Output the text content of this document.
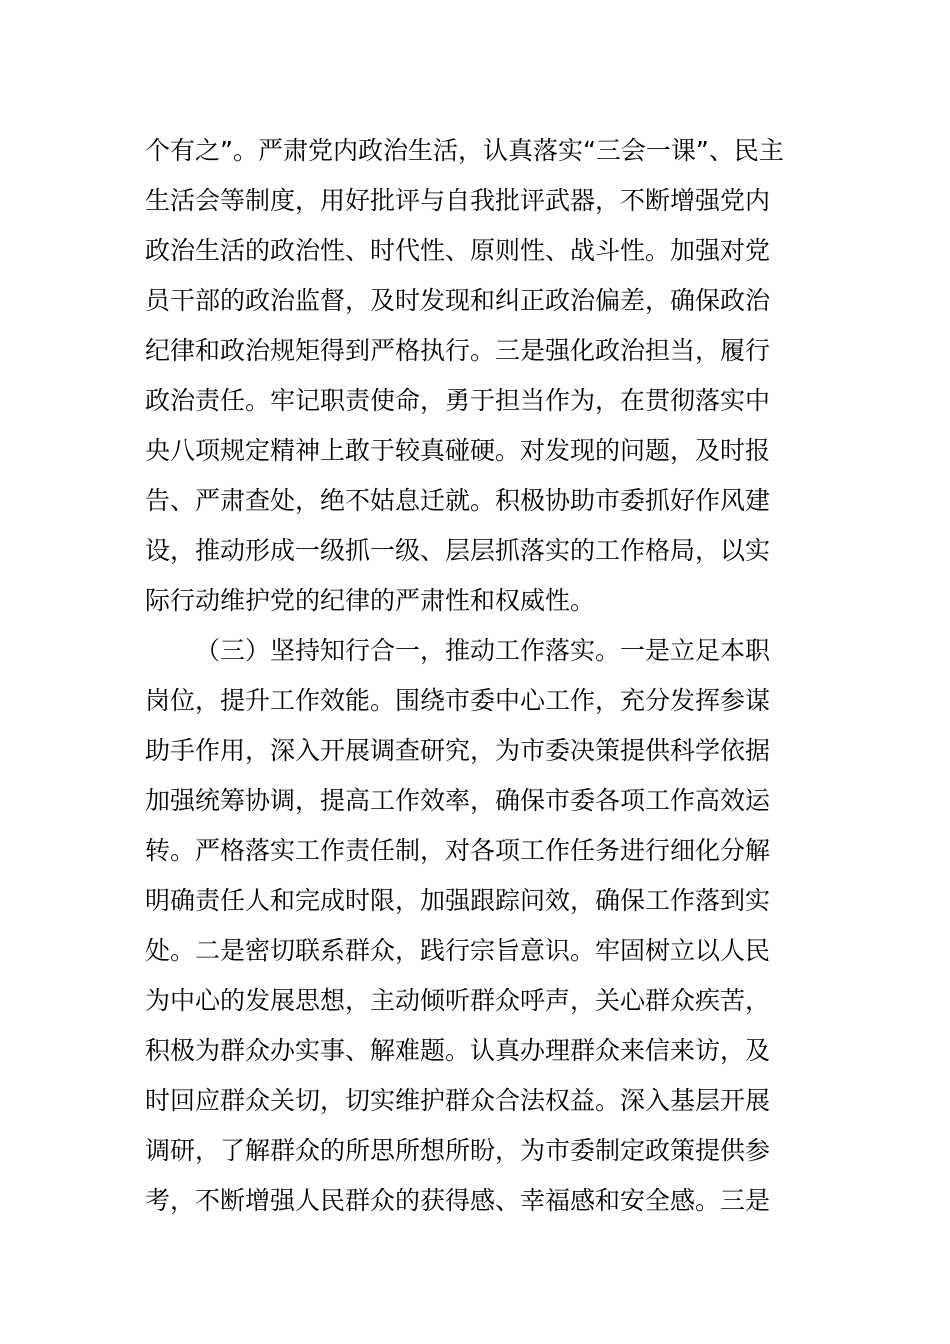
个有之”。严肃党内政治生活，认真落实“三会一课”、民主
生活会等制度，用好批评与自我批评武器，不断增强党内
政治生活的政治性、时代性、原则性、战斗性。加强对党
员干部的政治监督，及时发现和纠正政治偏差，确保政治
纪律和政治规矩得到严格执行。三是强化政治担当，履行
政治责任。牢记职责使命，勇于担当作为，在贯彻落实中
央八项规定精神上敢于较真碰硬。对发现的问题，及时报
告、严肃查处，绝不姑息迁就。积极协助市委抓好作风建
设，推动形成一级抓一级、层层抓落实的工作格局，以实
际行动维护党的纪律的严肃性和权威性。
（三）坚持知行合一，推动工作落实。一是立足本职
岗位，提升工作效能。围绕市委中心工作，充分发挥参谋
助手作用，深入开展调查研究，为市委决策提供科学依据
加强统筹协调，提高工作效率，确保市委各项工作高效运
转。严格落实工作责任制，对各项工作任务进行细化分解
明确责任人和完成时限，加强跟踪问效，确保工作落到实
处。二是密切联系群众，践行宗旨意识。牢固树立以人民
为中心的发展思想，主动倾听群众呼声，关心群众疾苦，
积极为群众办实事、解难题。认真办理群众来信来访，及
时回应群众关切，切实维护群众合法权益。深入基层开展
调研，了解群众的所思所想所盼，为市委制定政策提供参
考，不断增强人民群众的获得感、幸福感和安全感。三是
